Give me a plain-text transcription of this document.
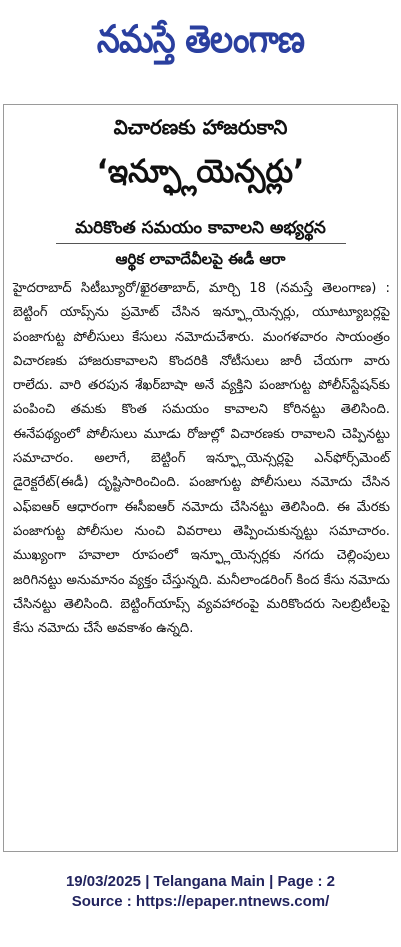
నమస్తే తెలంగాణ
విచారణకు హాజరుకాని
‘ఇన్ఫ్లూయెన్సర్లు’
మరికొంత సమయం కావాలని అభ్యర్థన
ఆర్థిక లావాదేవీలపై ఈడీ ఆరా

హైదరాబాద్ సిటీబ్యూరో/ఖైరతాబాద్, మార్చి 18 (నమస్తే తెలంగాణ) : బెట్టింగ్ యాప్స్‌ను ప్రమోట్ చేసిన ఇన్ఫ్లూయెన్సర్లు, యూట్యూబర్లపై పంజాగుట్ట పోలీసులు కేసులు నమోదుచేశారు. మంగళవారం సాయంత్రం విచారణకు హాజరుకావాలని కొందరికి నోటీసులు జారీ చేయగా వారు రాలేదు. వారి తరపున శేఖర్‌బాషా అనే వ్యక్తిని పంజాగుట్ట పోలీస్‌స్టేషన్‌కు పంపించి తమకు కొంత సమయం కావాలని కోరినట్టు తెలిసింది. ఈనేపథ్యంలో పోలీసులు మూడు రోజుల్లో విచారణకు రావాలని చెప్పినట్టు సమాచారం. అలాగే, బెట్టింగ్ ఇన్ఫ్లూయెన్సర్లపై ఎన్‌ఫోర్స్‌మెంట్ డైరెక్టరేట్(ఈడీ) దృష్టిసారించింది. పంజాగుట్ట పోలీసులు నమోదు చేసిన ఎఫ్‌ఐఆర్ ఆధారంగా ఈసీఐఆర్ నమోదు చేసినట్టు తెలిసింది. ఈ మేరకు పంజాగుట్ట పోలీసుల నుంచి వివరాలు తెప్పించుకున్నట్టు సమాచారం. ముఖ్యంగా హవాలా రూపంలో ఇన్ఫ్లూయెన్సర్లకు నగదు చెల్లింపులు జరిగినట్టు అనుమానం వ్యక్తం చేస్తున్నది. మనీలాండరింగ్ కింద కేసు నమోదు చేసినట్టు తెలిసింది. బెట్టింగ్‌యాప్స్ వ్యవహారంపై మరికొందరు సెలబ్రిటీలపై కేసు నమోదు చేసే అవకాశం ఉన్నది.

19/03/2025 | Telangana Main | Page : 2
Source : https://epaper.ntnews.com/
